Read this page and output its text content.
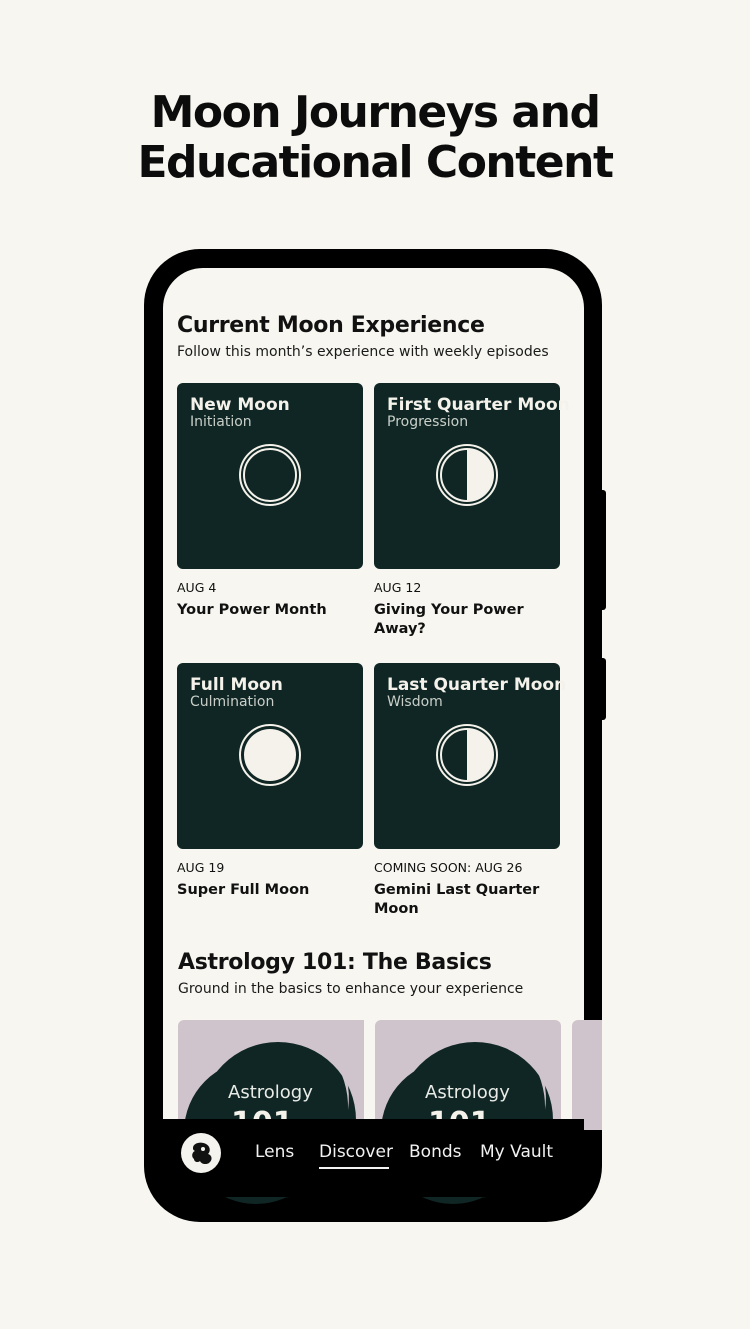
Moon Journeys and
Educational Content
Current Moon Experience
Follow this month’s experience with weekly episodes
New Moon
Initiation
AUG 4
Your Power Month
First Quarter Moon
Progression
AUG 12
Giving Your Power Away?
Full Moon
Culmination
AUG 19
Super Full Moon
Last Quarter Moon
Wisdom
COMING SOON: AUG 26
Gemini Last Quarter Moon
Astrology 101: The Basics
Ground in the basics to enhance your experience
Astrology	Astrology
Lens Discover Bonds My Vault
